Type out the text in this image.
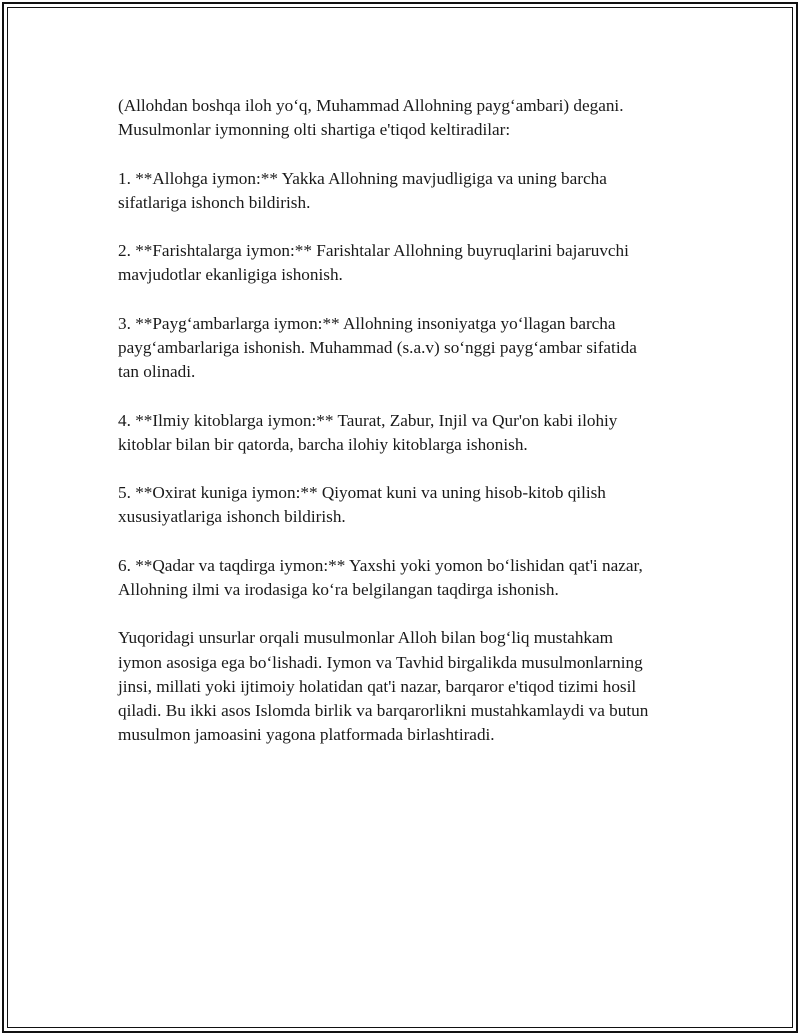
(Allohdan boshqa iloh yo‘q, Muhammad Allohning payg‘ambari) degani.
Musulmonlar iymonning olti shartiga e'tiqod keltiradilar:

1. **Allohga iymon:** Yakka Allohning mavjudligiga va uning barcha
sifatlariga ishonch bildirish.

2. **Farishtalarga iymon:** Farishtalar Allohning buyruqlarini bajaruvchi
mavjudotlar ekanligiga ishonish.

3. **Payg‘ambarlarga iymon:** Allohning insoniyatga yo‘llagan barcha
payg‘ambarlariga ishonish. Muhammad (s.a.v) so‘nggi payg‘ambar sifatida
tan olinadi.

4. **Ilmiy kitoblarga iymon:** Taurat, Zabur, Injil va Qur'on kabi ilohiy
kitoblar bilan bir qatorda, barcha ilohiy kitoblarga ishonish.

5. **Oxirat kuniga iymon:** Qiyomat kuni va uning hisob-kitob qilish
xususiyatlariga ishonch bildirish.

6. **Qadar va taqdirga iymon:** Yaxshi yoki yomon bo‘lishidan qat'i nazar,
Allohning ilmi va irodasiga ko‘ra belgilangan taqdirga ishonish.

Yuqoridagi unsurlar orqali musulmonlar Alloh bilan bog‘liq mustahkam
iymon asosiga ega bo‘lishadi. Iymon va Tavhid birgalikda musulmonlarning
jinsi, millati yoki ijtimoiy holatidan qat'i nazar, barqaror e'tiqod tizimi hosil
qiladi. Bu ikki asos Islomda birlik va barqarorlikni mustahkamlaydi va butun
musulmon jamoasini yagona platformada birlashtiradi.
